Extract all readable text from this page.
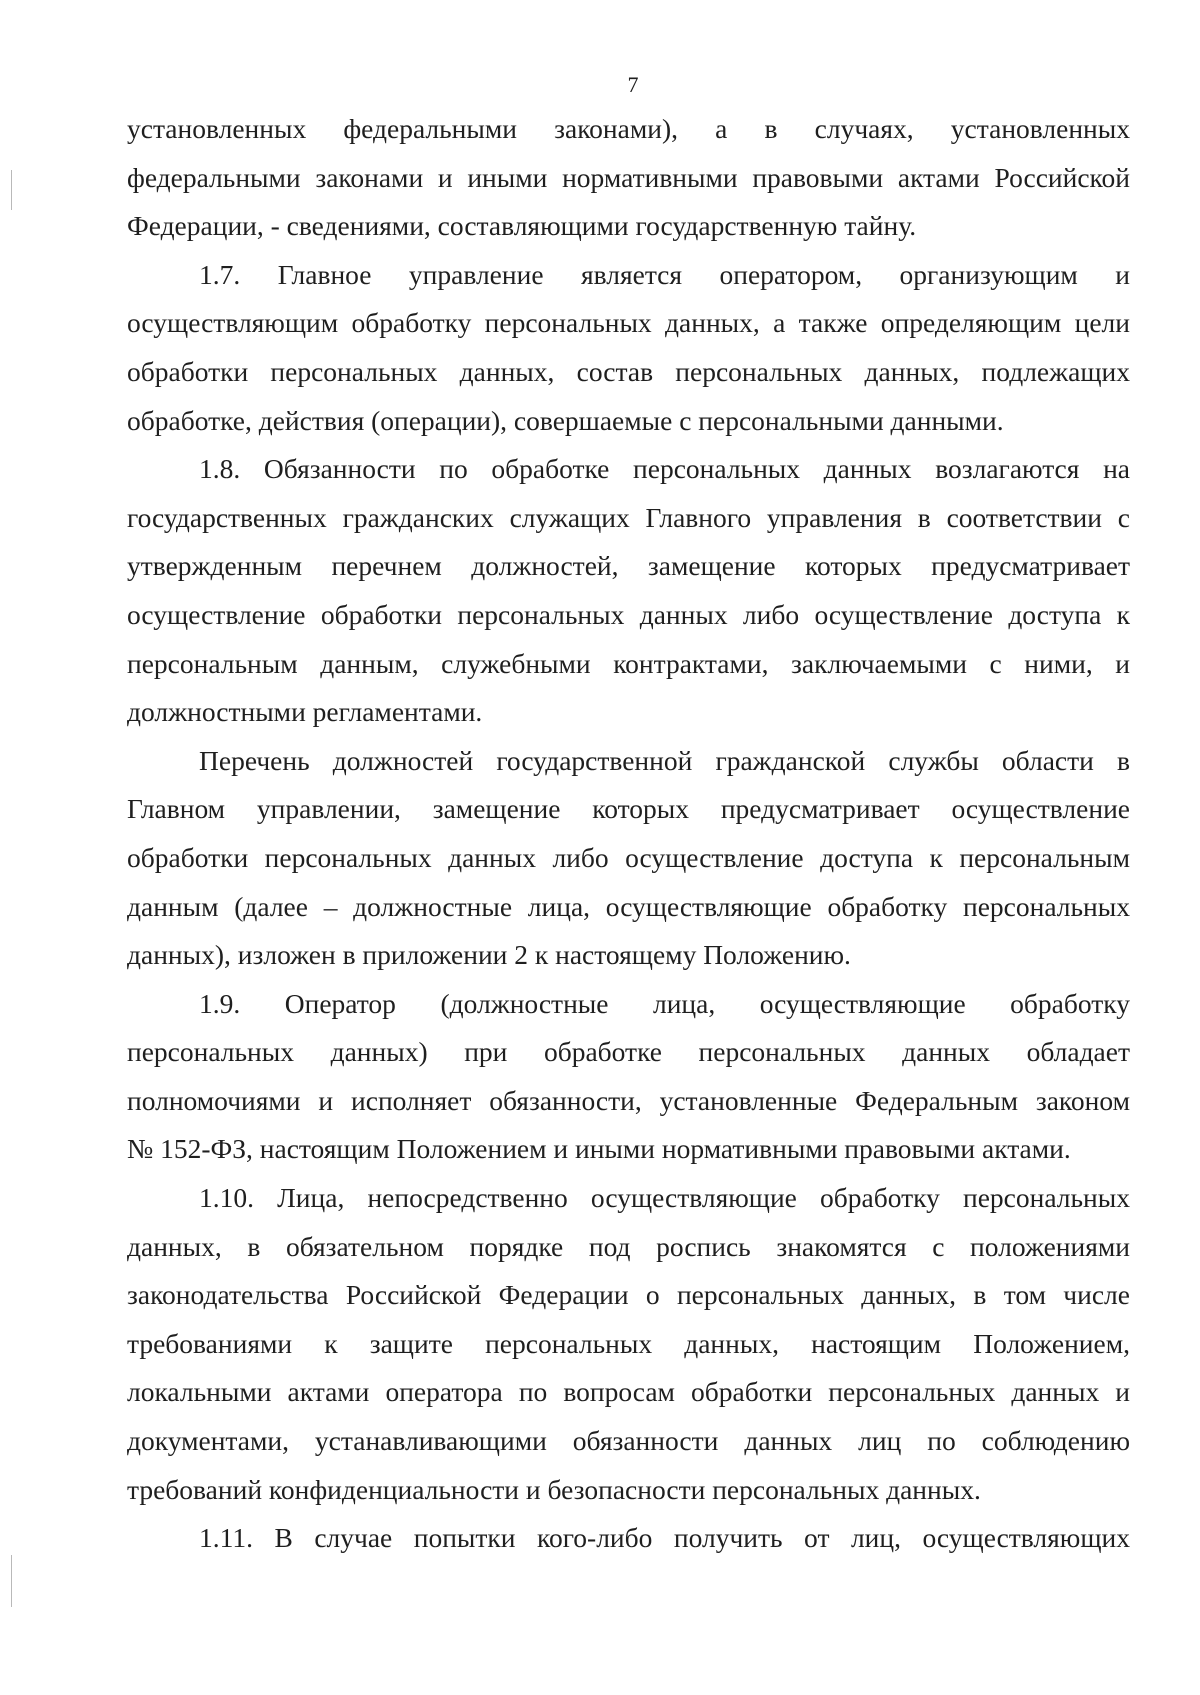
7

установленных федеральными законами), а в случаях, установленных
федеральными законами и иными нормативными правовыми актами Российской
Федерации, - сведениями, составляющими государственную тайну.

1.7. Главное управление является оператором, организующим и
осуществляющим обработку персональных данных, а также определяющим цели
обработки персональных данных, состав персональных данных, подлежащих
обработке, действия (операции), совершаемые с персональными данными.

1.8. Обязанности по обработке персональных данных возлагаются на
государственных гражданских служащих Главного управления в соответствии с
утвержденным перечнем должностей, замещение которых предусматривает
осуществление обработки персональных данных либо осуществление доступа к
персональным данным, служебными контрактами, заключаемыми с ними, и
должностными регламентами.

Перечень должностей государственной гражданской службы области в
Главном управлении, замещение которых предусматривает осуществление
обработки персональных данных либо осуществление доступа к персональным
данным (далее – должностные лица, осуществляющие обработку персональных
данных), изложен в приложении 2 к настоящему Положению.

1.9. Оператор (должностные лица, осуществляющие обработку
персональных данных) при обработке персональных данных обладает
полномочиями и исполняет обязанности, установленные Федеральным законом
№ 152-ФЗ, настоящим Положением и иными нормативными правовыми актами.

1.10. Лица, непосредственно осуществляющие обработку персональных
данных, в обязательном порядке под роспись знакомятся с положениями
законодательства Российской Федерации о персональных данных, в том числе
требованиями к защите персональных данных, настоящим Положением,
локальными актами оператора по вопросам обработки персональных данных и
документами, устанавливающими обязанности данных лиц по соблюдению
требований конфиденциальности и безопасности персональных данных.

1.11. В случае попытки кого-либо получить от лиц, осуществляющих
